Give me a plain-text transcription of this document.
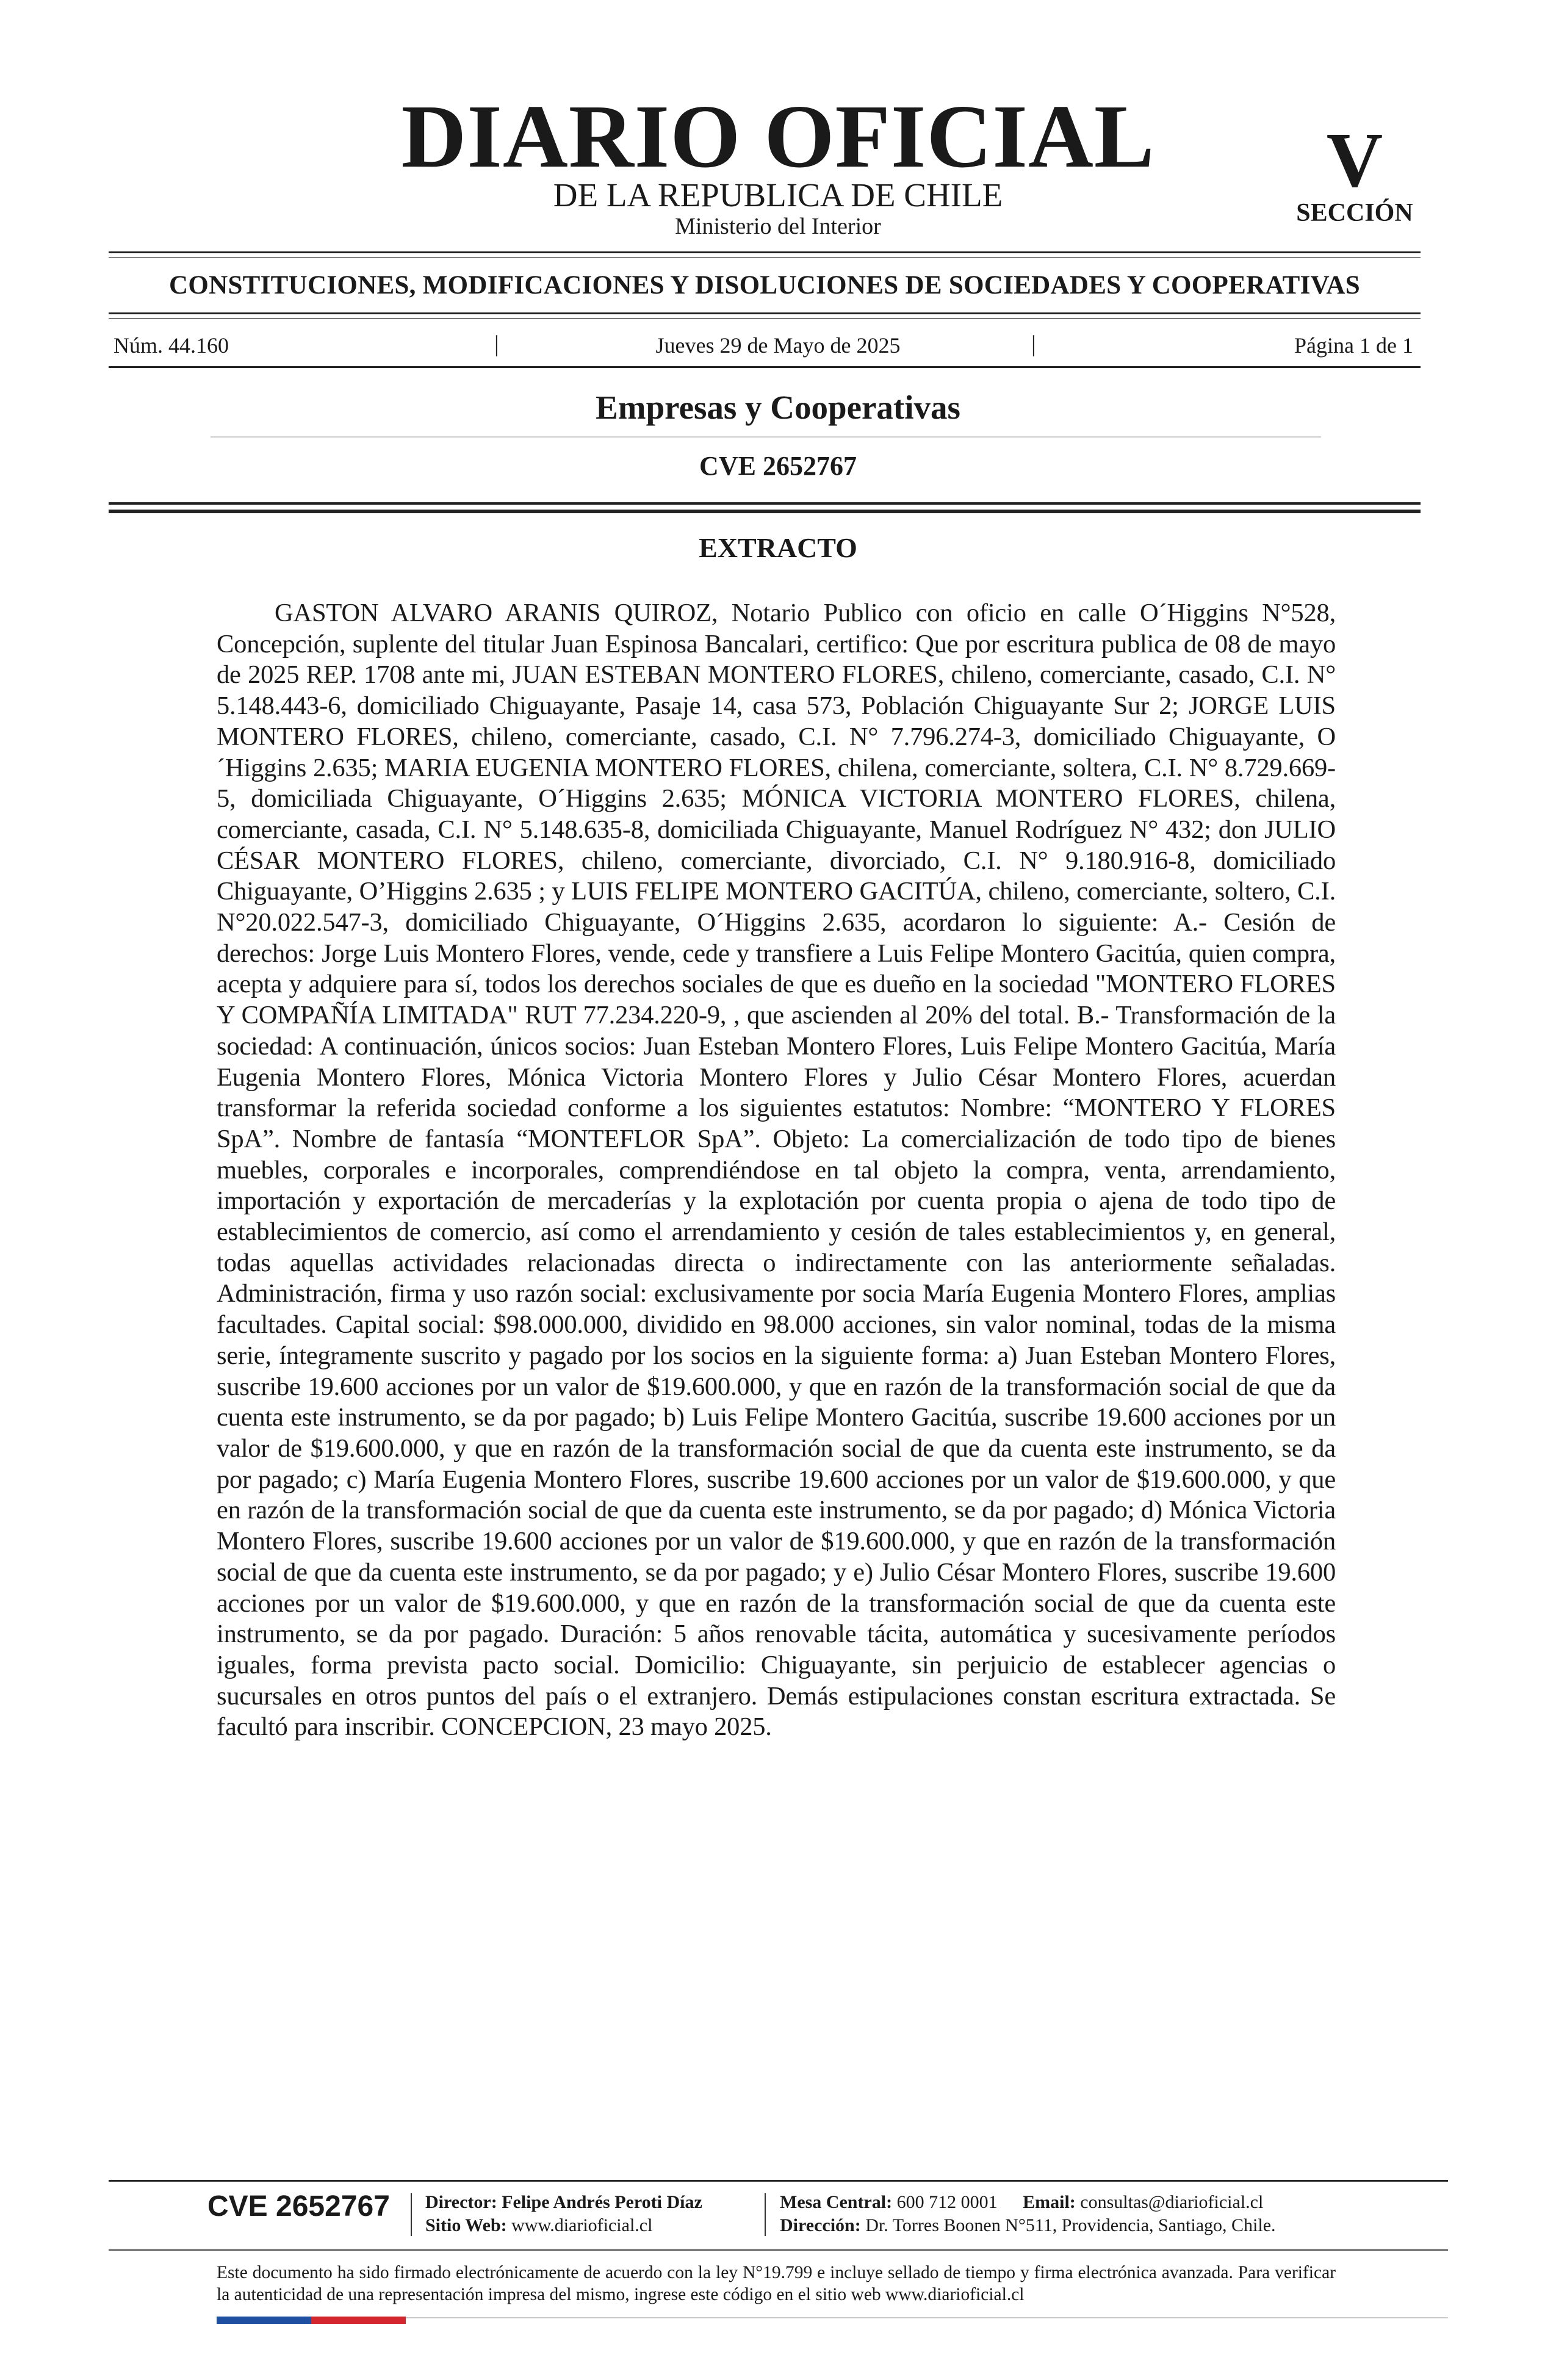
DIARIO OFICIAL
DE LA REPUBLICA DE CHILE
Ministerio del Interior
V
SECCIÓN
CONSTITUCIONES, MODIFICACIONES Y DISOLUCIONES DE SOCIEDADES Y COOPERATIVAS
Núm. 44.160	|	Jueves 29 de Mayo de 2025	|	Página 1 de 1
Empresas y Cooperativas
CVE 2652767
EXTRACTO

GASTON ALVARO ARANIS QUIROZ, Notario Publico con oficio en calle O´Higgins N°528, Concepción, suplente del titular Juan Espinosa Bancalari, certifico: Que por escritura publica de 08 de mayo de 2025 REP. 1708 ante mi, JUAN ESTEBAN MONTERO FLORES, chileno, comerciante, casado, C.I. N° 5.148.443-6, domiciliado Chiguayante, Pasaje 14, casa 573, Población Chiguayante Sur 2; JORGE LUIS MONTERO FLORES, chileno, comerciante, casado, C.I. N° 7.796.274-3, domiciliado Chiguayante, O´Higgins 2.635; MARIA EUGENIA MONTERO FLORES, chilena, comerciante, soltera, C.I. N° 8.729.669-5, domiciliada Chiguayante, O´Higgins 2.635; MÓNICA VICTORIA MONTERO FLORES, chilena, comerciante, casada, C.I. N° 5.148.635-8, domiciliada Chiguayante, Manuel Rodríguez N° 432; don JULIO CÉSAR MONTERO FLORES, chileno, comerciante, divorciado, C.I. N° 9.180.916-8, domiciliado Chiguayante, O’Higgins 2.635 ; y LUIS FELIPE MONTERO GACITÚA, chileno, comerciante, soltero, C.I. N°20.022.547-3, domiciliado Chiguayante, O´Higgins 2.635, acordaron lo siguiente: A.- Cesión de derechos: Jorge Luis Montero Flores, vende, cede y transfiere a Luis Felipe Montero Gacitúa, quien compra, acepta y adquiere para sí, todos los derechos sociales de que es dueño en la sociedad "MONTERO FLORES Y COMPAÑÍA LIMITADA" RUT 77.234.220-9, , que ascienden al 20% del total. B.- Transformación de la sociedad: A continuación, únicos socios: Juan Esteban Montero Flores, Luis Felipe Montero Gacitúa, María Eugenia Montero Flores, Mónica Victoria Montero Flores y Julio César Montero Flores, acuerdan transformar la referida sociedad conforme a los siguientes estatutos: Nombre: “MONTERO Y FLORES SpA”. Nombre de fantasía “MONTEFLOR SpA”. Objeto: La comercialización de todo tipo de bienes muebles, corporales e incorporales, comprendiéndose en tal objeto la compra, venta, arrendamiento, importación y exportación de mercaderías y la explotación por cuenta propia o ajena de todo tipo de establecimientos de comercio, así como el arrendamiento y cesión de tales establecimientos y, en general, todas aquellas actividades relacionadas directa o indirectamente con las anteriormente señaladas. Administración, firma y uso razón social: exclusivamente por socia María Eugenia Montero Flores, amplias facultades. Capital social: $98.000.000, dividido en 98.000 acciones, sin valor nominal, todas de la misma serie, íntegramente suscrito y pagado por los socios en la siguiente forma: a) Juan Esteban Montero Flores, suscribe 19.600 acciones por un valor de $19.600.000, y que en razón de la transformación social de que da cuenta este instrumento, se da por pagado; b) Luis Felipe Montero Gacitúa, suscribe 19.600 acciones por un valor de $19.600.000, y que en razón de la transformación social de que da cuenta este instrumento, se da por pagado; c) María Eugenia Montero Flores, suscribe 19.600 acciones por un valor de $19.600.000, y que en razón de la transformación social de que da cuenta este instrumento, se da por pagado; d) Mónica Victoria Montero Flores, suscribe 19.600 acciones por un valor de $19.600.000, y que en razón de la transformación social de que da cuenta este instrumento, se da por pagado; y e) Julio César Montero Flores, suscribe 19.600 acciones por un valor de $19.600.000, y que en razón de la transformación social de que da cuenta este instrumento, se da por pagado. Duración: 5 años renovable tácita, automática y sucesivamente períodos iguales, forma prevista pacto social. Domicilio: Chiguayante, sin perjuicio de establecer agencias o sucursales en otros puntos del país o el extranjero. Demás estipulaciones constan escritura extractada. Se facultó para inscribir. CONCEPCION, 23 mayo 2025.

CVE 2652767	Director: Felipe Andrés Peroti Díaz
Sitio Web: www.diarioficial.cl
Mesa Central: 600 712 0001 Email: consultas@diarioficial.cl
Dirección: Dr. Torres Boonen N°511, Providencia, Santiago, Chile.
Este documento ha sido firmado electrónicamente de acuerdo con la ley N°19.799 e incluye sellado de tiempo y firma electrónica avanzada. Para verificar la autenticidad de una representación impresa del mismo, ingrese este código en el sitio web www.diarioficial.cl
